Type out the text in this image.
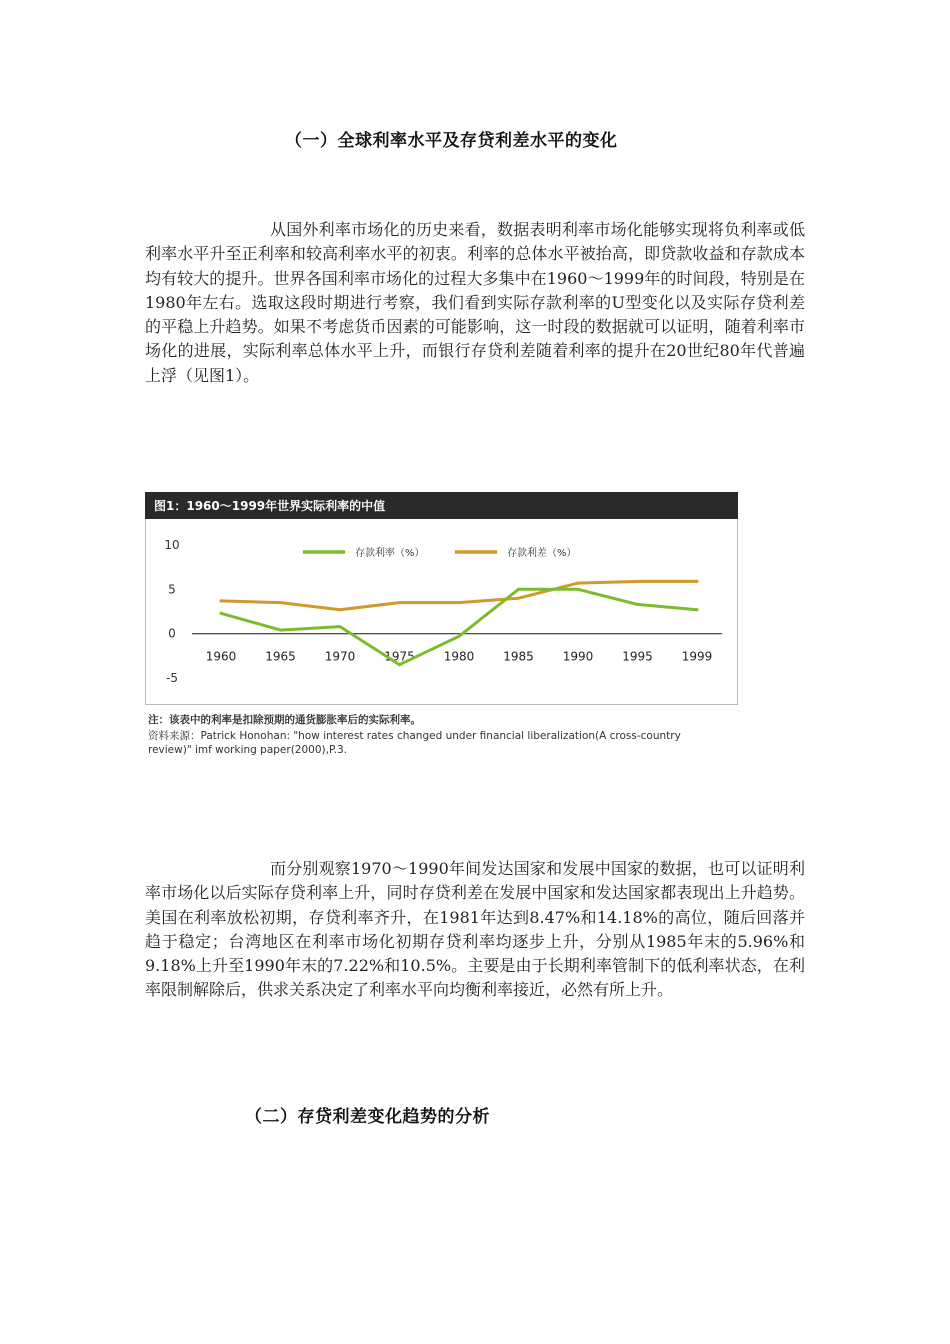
（一）全球利率水平及存贷利差水平的变化

从国外利率市场化的历史来看，数据表明利率市场化能够实现将负利率或低利率水平升至正利率和较高利率水平的初衷。利率的总体水平被抬高，即贷款收益和存款成本均有较大的提升。世界各国利率市场化的过程大多集中在1960～1999年的时间段，特别是在1980年左右。选取这段时期进行考察，我们看到实际存款利率的U型变化以及实际存贷利差的平稳上升趋势。如果不考虑货币因素的可能影响，这一时段的数据就可以证明，随着利率市场化的进展，实际利率总体水平上升，而银行存贷利差随着利率的提升在20世纪80年代普遍上浮（见图1）。

图1：1960～1999年世界实际利率的中值
10
5
0
-5
1960 1965 1970 1975 1980 1985 1990 1995 1999
存款利率（%）	存款利差（%）
注：该表中的利率是扣除预期的通货膨胀率后的实际利率。
资料来源：Patrick Honohan: "how interest rates changed under financial liberalization(A cross-country
review)" imf working paper(2000),P.3.

而分别观察1970～1990年间发达国家和发展中国家的数据，也可以证明利率市场化以后实际存贷利率上升，同时存贷利差在发展中国家和发达国家都表现出上升趋势。美国在利率放松初期，存贷利率齐升，在1981年达到8.47%和14.18%的高位，随后回落并趋于稳定；台湾地区在利率市场化初期存贷利率均逐步上升，分别从1985年末的5.96%和9.18%上升至1990年末的7.22%和10.5%。主要是由于长期利率管制下的低利率状态，在利率限制解除后，供求关系决定了利率水平向均衡利率接近，必然有所上升。

（二）存贷利差变化趋势的分析
